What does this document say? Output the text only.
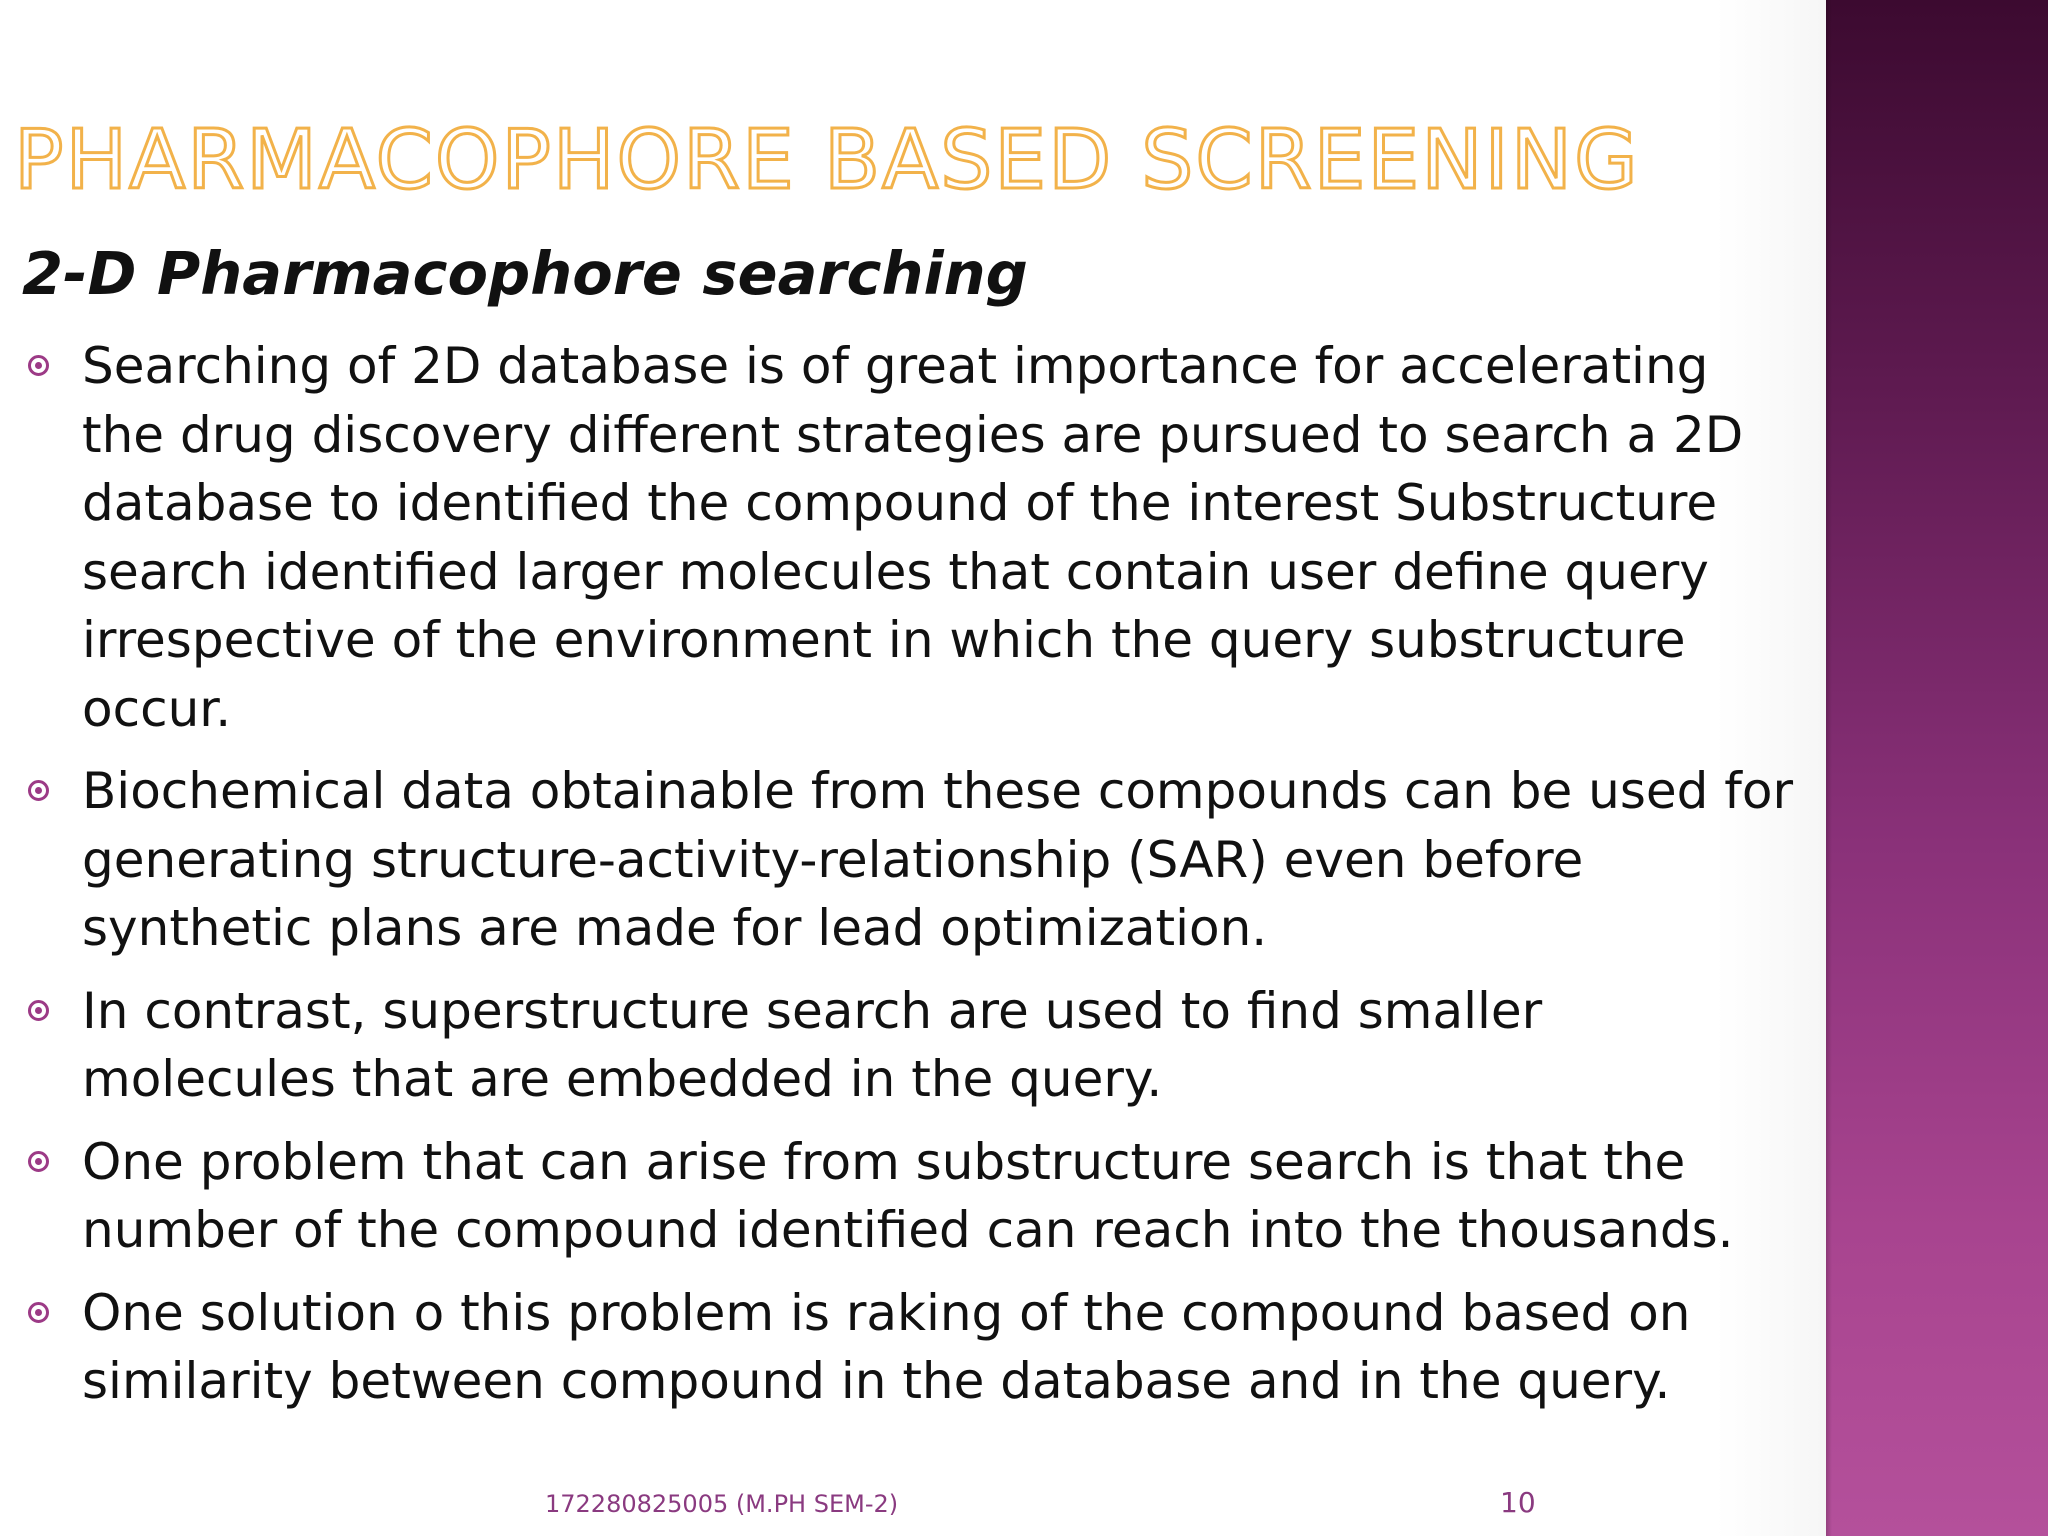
PHARMACOPHORE BASED SCREENING
2-D Pharmacophore searching
Searching of 2D database is of great importance for accelerating the drug discovery different strategies are pursued to search a 2D database to identified the compound of the interest Substructure search identified larger molecules that contain user define query irrespective of the environment in which the query substructure occur.
Biochemical data obtainable from these compounds can be used for generating structure-activity-relationship (SAR) even before synthetic plans are made for lead optimization.
In contrast, superstructure search are used to find smaller molecules that are embedded in the query.
One problem that can arise from substructure search is that the number of the compound identified can reach into the thousands.
One solution o this problem is raking of the compound based on similarity between compound in the database and in the query.
172280825005 (M.PH SEM-2)	10
